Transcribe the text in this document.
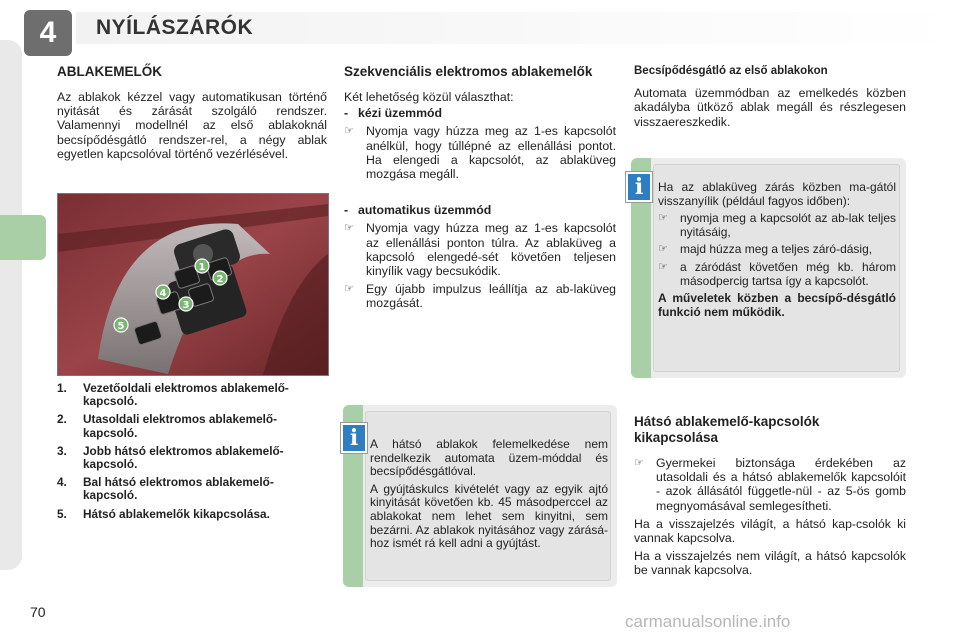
4	NYÍLÁSZÁRÓK
ABLAKEMELŐK

Az ablakok kézzel vagy automatikusan történő nyitását és zárását szolgáló rendszer. Valamennyi modellnél az első ablakoknál becsípődésgátló rendszer-rel, a négy ablak egyetlen kapcsolóval történő vezérlésével.

1
2
3
4
5
1.	Vezetőoldali elektromos ablakemelő-kapcsoló.
2.	Utasoldali elektromos ablakemelő-kapcsoló.
3.	Jobb hátsó elektromos ablakemelő-kapcsoló.
4.	Bal hátsó elektromos ablakemelő-kapcsoló.
5.	Hátsó ablakemelők kikapcsolása.
Szekvenciális elektromos ablakemelők

Két lehetőség közül választhat:

- kézi üzemmód
☞ Nyomja vagy húzza meg az 1-es kapcsolót anélkül, hogy túllépné az ellenállási pontot. Ha elengedi a kapcsolót, az ablaküveg mozgása megáll.
- automatikus üzemmód
☞ Nyomja vagy húzza meg az 1-es kapcsolót az ellenállási ponton túlra. Az ablaküveg a kapcsoló elengedé-sét követően teljesen kinyílik vagy becsukódik.
☞ Egy újabb impulzus leállítja az ab-laküveg mozgását.
i A hátsó ablakok felemelkedése nem rendelkezik automata üzem-móddal és becsípődésgátlóval.

A gyújtáskulcs kivételét vagy az egyik ajtó kinyitását követően kb. 45 másodperccel az ablakokat nem lehet sem kinyitni, sem bezárni. Az ablakok nyitásához vagy zárásá-hoz ismét rá kell adni a gyújtást.

Becsípődésgátló az első ablakokon

Automata üzemmódban az emelkedés közben akadályba ütköző ablak megáll és részlegesen visszaereszkedik.

i	Ha az ablaküveg zárás közben ma-gától visszanyílik (például fagyos időben):

☞	nyomja meg a kapcsolót az ab-lak teljes nyitásáig,
☞	majd húzza meg a teljes záró-dásig,
☞	a záródást követően még kb. három másodpercig tartsa így a kapcsolót.

A műveletek közben a becsípő-désgátló funkció nem működik.

Hátsó ablakemelő-kapcsolók kikapcsolása
☞ Gyermekei biztonsága érdekében az utasoldali és a hátsó ablakemelők kapcsolóit - azok állásától függetle-nül - az 5-ös gomb megnyomásával semlegesítheti.

Ha a visszajelzés világít, a hátsó kap-csolók ki vannak kapcsolva.

Ha a visszajelzés nem világít, a hátsó kapcsolók be vannak kapcsolva.

70	carmanualsonline.info
